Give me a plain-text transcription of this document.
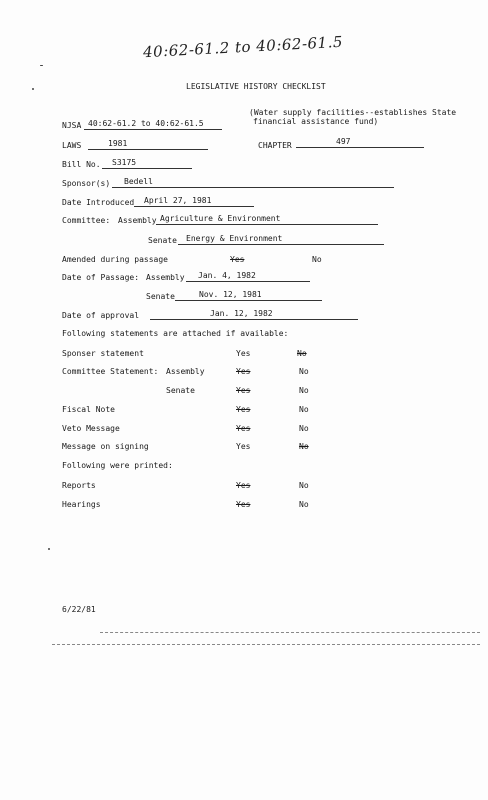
40:62-61.2 to 40:62-61.5
LEGISLATIVE HISTORY CHECKLIST
(Water supply facilities--establishes State
financial assistance fund)
NJSA 40:62-61.2 to 40:62-61.5
LAWS	1981	CHAPTER	497
Bill No.	S3175
Sponsor(s)	Bedell
Date Introduced	April 27, 1981
Committee: Assembly Agriculture & Environment
Senate	Energy & Environment
Amended during passage	Yes	No
Date of Passage: Assembly	Jan. 4, 1982
Senate	Nov. 12, 1981
Date of approval	Jan. 12, 1982
Following statements are attached if available:
Sponser statement	Yes	No
Committee Statement: Assembly	Yes	No
Senate	Yes	No
Fiscal Note	Yes	No
Veto Message	Yes	No
Message on signing	Yes	No
Following were printed:
Reports	Yes	No
Hearings	Yes	No
6/22/81
